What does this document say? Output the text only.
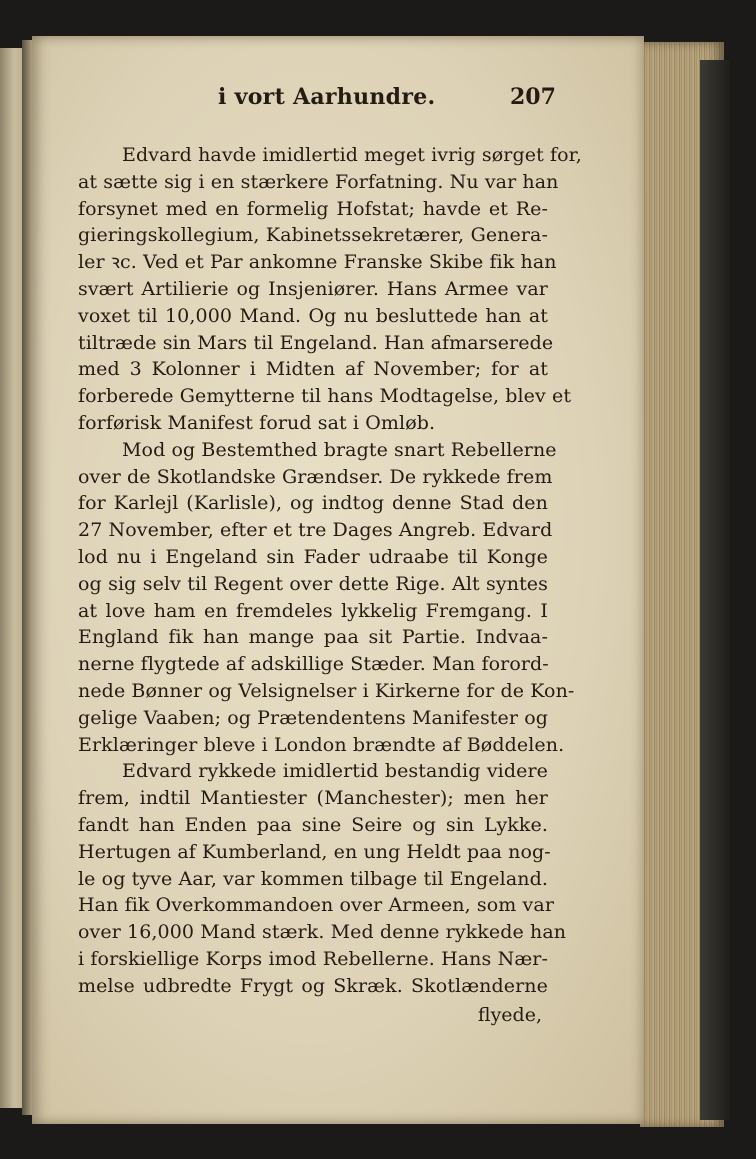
i vort Aarhundre.	207
Edvard havde imidlertid meget ivrig sørget for,
at sætte sig i en stærkere Forfatning. Nu var han
forsynet med en formelig Hofstat; havde et Re-
gieringskollegium, Kabinetssekretærer, Genera-
ler ꝛc. Ved et Par ankomne Franske Skibe fik han
svært Artilierie og Insjeniører. Hans Armee var
voxet til 10,000 Mand. Og nu besluttede han at
tiltræde sin Mars til Engeland. Han afmarserede
med 3 Kolonner i Midten af November; for at
forberede Gemytterne til hans Modtagelse, blev et
forførisk Manifest forud sat i Omløb.
Mod og Bestemthed bragte snart Rebellerne
over de Skotlandske Grændser. De rykkede frem
for Karlejl (Karlisle), og indtog denne Stad den
27 November, efter et tre Dages Angreb. Edvard
lod nu i Engeland sin Fader udraabe til Konge
og sig selv til Regent over dette Rige. Alt syntes
at love ham en fremdeles lykkelig Fremgang. I
England fik han mange paa sit Partie. Indvaa-
nerne flygtede af adskillige Stæder. Man forord-
nede Bønner og Velsignelser i Kirkerne for de Kon-
gelige Vaaben; og Prætendentens Manifester og
Erklæringer bleve i London brændte af Bøddelen.
Edvard rykkede imidlertid bestandig videre
frem, indtil Mantiester (Manchester); men her
fandt han Enden paa sine Seire og sin Lykke.
Hertugen af Kumberland, en ung Heldt paa nog-
le og tyve Aar, var kommen tilbage til Engeland.
Han fik Overkommandoen over Armeen, som var
over 16,000 Mand stærk. Med denne rykkede han
i forskiellige Korps imod Rebellerne. Hans Nær-
melse udbredte Frygt og Skræk. Skotlænderne
flyede,
